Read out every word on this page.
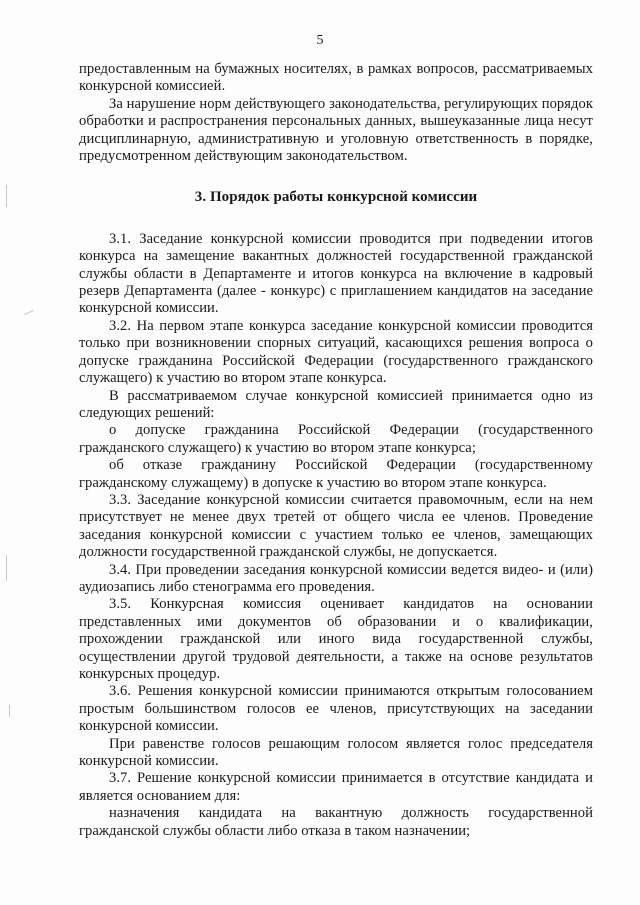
5

предоставленным на бумажных носителях, в рамках вопросов, рассматриваемых конкурсной комиссией.

За нарушение норм действующего законодательства, регулирующих порядок обработки и распространения персональных данных, вышеуказанные лица несут дисциплинарную, административную и уголовную ответственность в порядке, предусмотренном действующим законодательством.

3. Порядок работы конкурсной комиссии

3.1. Заседание конкурсной комиссии проводится при подведении итогов конкурса на замещение вакантных должностей государственной гражданской службы области в Департаменте и итогов конкурса на включение в кадровый резерв Департамента (далее - конкурс) с приглашением кандидатов на заседание конкурсной комиссии.

3.2. На первом этапе конкурса заседание конкурсной комиссии проводится только при возникновении спорных ситуаций, касающихся решения вопроса о допуске гражданина Российской Федерации (государственного гражданского служащего) к участию во втором этапе конкурса.

В рассматриваемом случае конкурсной комиссией принимается одно из следующих решений:

о допуске гражданина Российской Федерации (государственного гражданского служащего) к участию во втором этапе конкурса;

об отказе гражданину Российской Федерации (государственному гражданскому служащему) в допуске к участию во втором этапе конкурса.

3.3. Заседание конкурсной комиссии считается правомочным, если на нем присутствует не менее двух третей от общего числа ее членов. Проведение заседания конкурсной комиссии с участием только ее членов, замещающих должности государственной гражданской службы, не допускается.

3.4. При проведении заседания конкурсной комиссии ведется видео- и (или) аудиозапись либо стенограмма его проведения.

3.5. Конкурсная комиссия оценивает кандидатов на основании представленных ими документов об образовании и о квалификации, прохождении гражданской или иного вида государственной службы, осуществлении другой трудовой деятельности, а также на основе результатов конкурсных процедур.

3.6. Решения конкурсной комиссии принимаются открытым голосованием простым большинством голосов ее членов, присутствующих на заседании конкурсной комиссии.

При равенстве голосов решающим голосом является голос председателя конкурсной комиссии.

3.7. Решение конкурсной комиссии принимается в отсутствие кандидата и является основанием для:

назначения кандидата на вакантную должность государственной гражданской службы области либо отказа в таком назначении;
